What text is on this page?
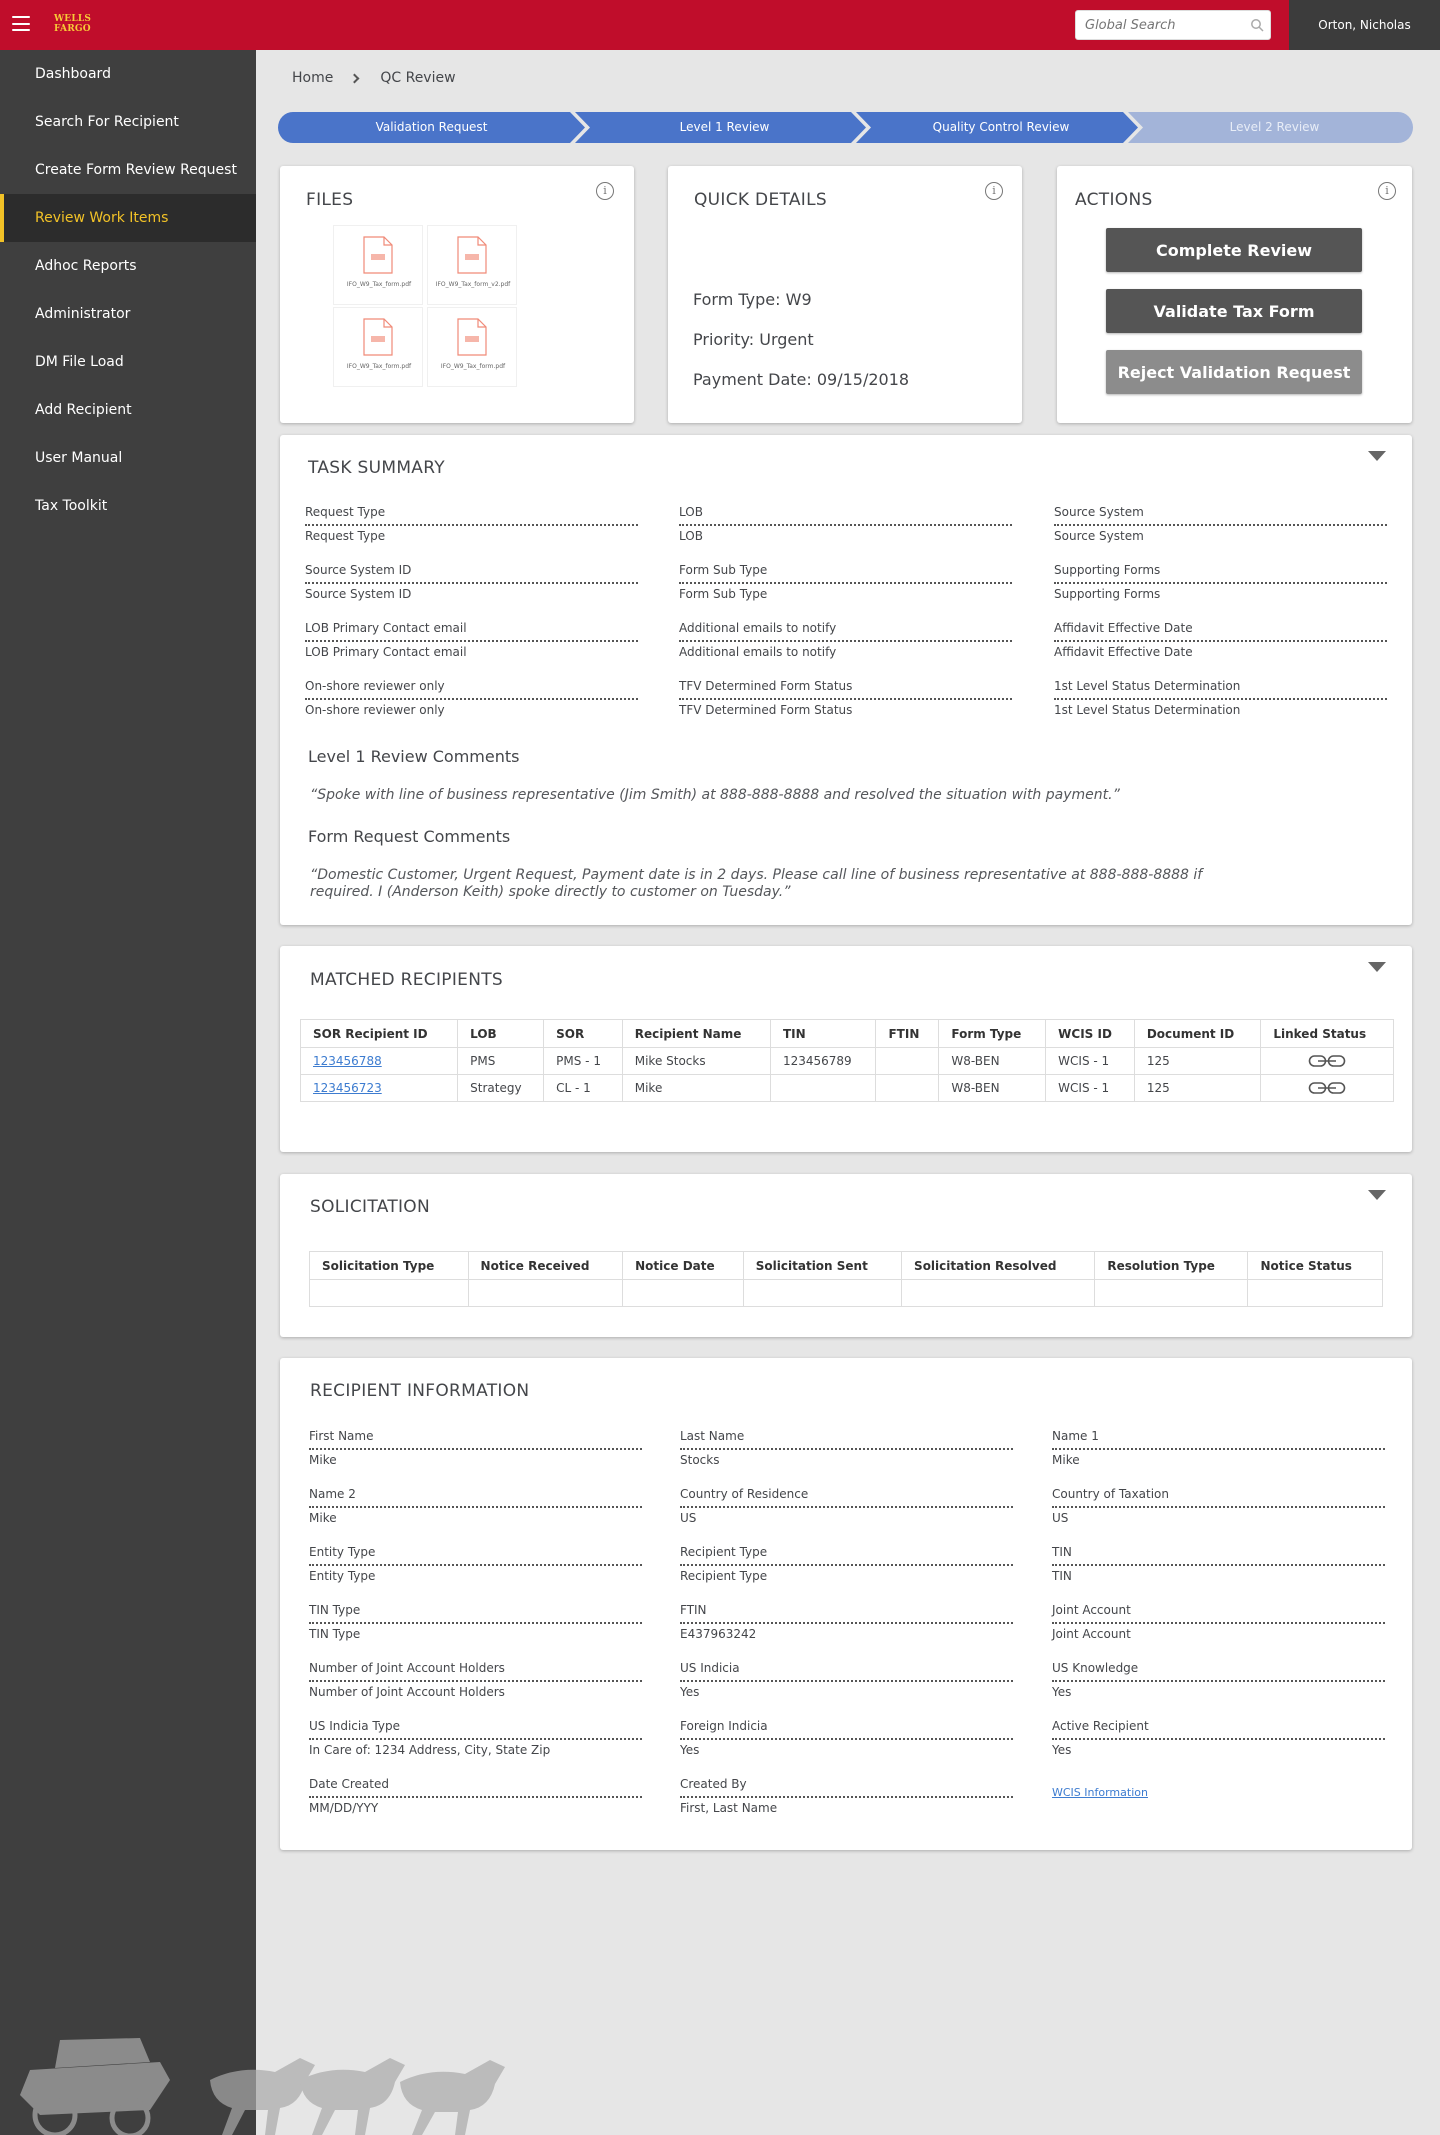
WELLS
FARGO
Global Search	Orton, Nicholas
Dashboard
Search For Recipient
Create Form Review Request
Review Work Items
Adhoc Reports
Administrator
DM File Load
Add Recipient
User Manual
Tax Toolkit
Home	QC Review
Validation Request	Level 1 Review	Quality Control Review	Level 2 Review
FILES	i
IFO_W9_Tax_form.pdf	IFO_W9_Tax_form_v2.pdf
IFO_W9_Tax_form.pdf	IFO_W9_Tax_form.pdf
QUICK DETAILS	i
Form Type: W9
Priority: Urgent
Payment Date: 09/15/2018
ACTIONS	i
Complete Review
Validate Tax Form
Reject Validation Request
TASK SUMMARY
Request Type
Request Type
LOB
LOB
Source System
Source System
Source System ID
Source System ID
Form Sub Type
Form Sub Type
Supporting Forms
Supporting Forms
LOB Primary Contact email
LOB Primary Contact email
Additional emails to notify
Additional emails to notify
Affidavit Effective Date
Affidavit Effective Date
On-shore reviewer only
On-shore reviewer only
TFV Determined Form Status
TFV Determined Form Status
1st Level Status Determination
1st Level Status Determination
Level 1 Review Comments
“Spoke with line of business representative (Jim Smith) at 888-888-8888 and resolved the situation with payment.”
Form Request Comments
“Domestic Customer, Urgent Request, Payment date is in 2 days. Please call line of business representative at 888-888-8888 if
required. I (Anderson Keith) spoke directly to customer on Tuesday.”
MATCHED RECIPIENTS
SOR Recipient ID	LOB	SOR	Recipient Name	TIN	FTIN	Form Type	WCIS ID	Document ID	Linked Status
123456788	PMS	PMS - 1	Mike Stocks	123456789		W8-BEN	WCIS - 1	125	
123456723	Strategy	CL - 1	Mike			W8-BEN	WCIS - 1	125	
SOLICITATION
Solicitation Type	Notice Received	Notice Date	Solicitation Sent	Solicitation Resolved	Resolution Type	Notice Status

RECIPIENT INFORMATION
First Name
Mike
Last Name
Stocks
Name 1
Mike
Name 2
Mike
Country of Residence
US
Country of Taxation
US
Entity Type
Entity Type
Recipient Type
Recipient Type
TIN
TIN
TIN Type
TIN Type
FTIN
E437963242
Joint Account
Joint Account
Number of Joint Account Holders
Number of Joint Account Holders
US Indicia
Yes
US Knowledge
Yes
US Indicia Type
In Care of: 1234 Address, City, State Zip
Foreign Indicia
Yes
Active Recipient
Yes
Date Created
MM/DD/YYY
Created By
First, Last Name
WCIS Information
